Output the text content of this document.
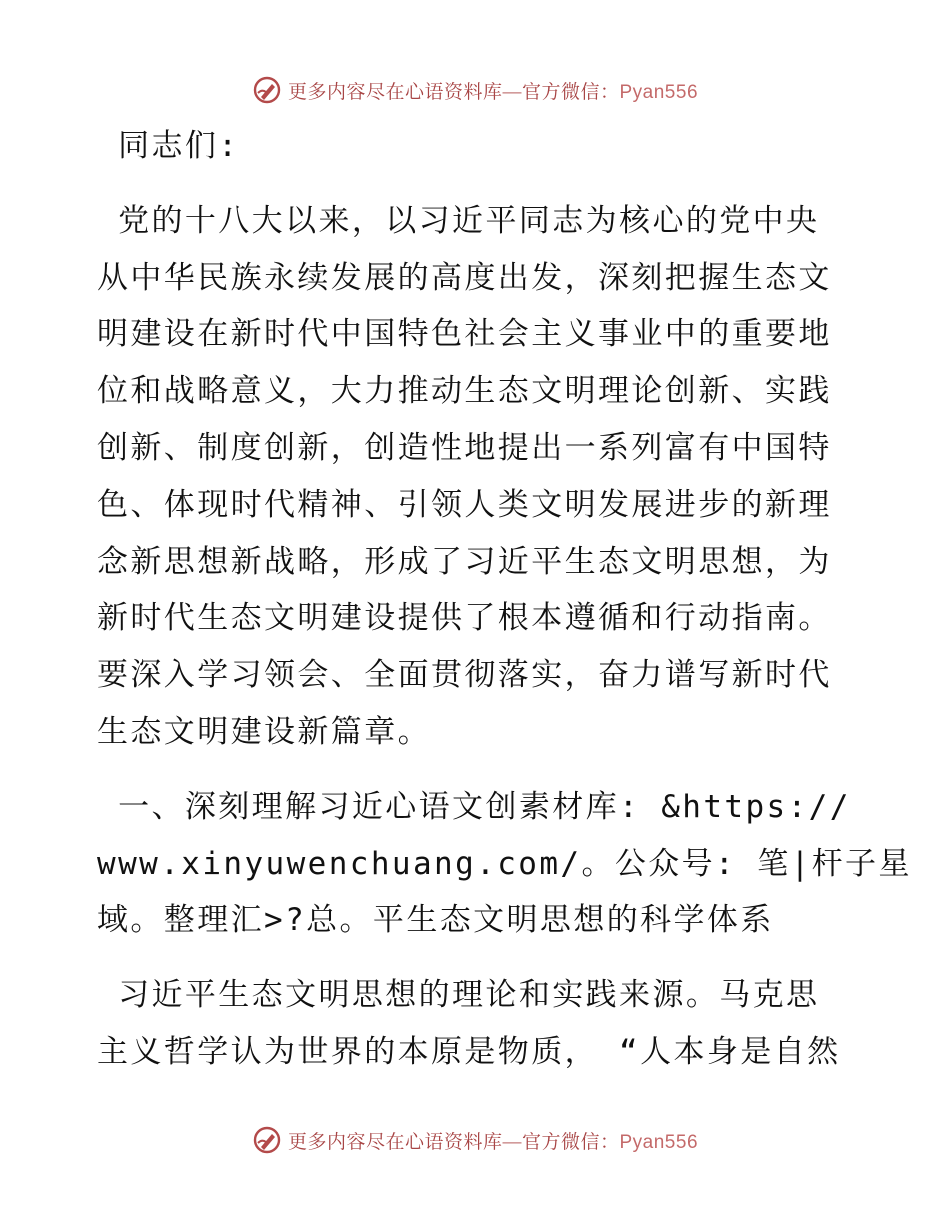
更多内容尽在心语资料库—官方微信：Pyan556

同志们:

党的十八大以来，以习近平同志为核心的党中央

从中华民族永续发展的高度出发，深刻把握生态文

明建设在新时代中国特色社会主义事业中的重要地

位和战略意义，大力推动生态文明理论创新、实践

创新、制度创新，创造性地提出一系列富有中国特

色、体现时代精神、引领人类文明发展进步的新理

念新思想新战略，形成了习近平生态文明思想，为

新时代生态文明建设提供了根本遵循和行动指南。

要深入学习领会、全面贯彻落实，奋力谱写新时代

生态文明建设新篇章。

一、深刻理解习近心语文创素材库: &https://

www.xinyuwenchuang.com/。公众号: 笔|杆子星

域。整理汇>?总。平生态文明思想的科学体系

习近平生态文明思想的理论和实践来源。马克思

主义哲学认为世界的本原是物质， “人本身是自然

更多内容尽在心语资料库—官方微信：Pyan556
